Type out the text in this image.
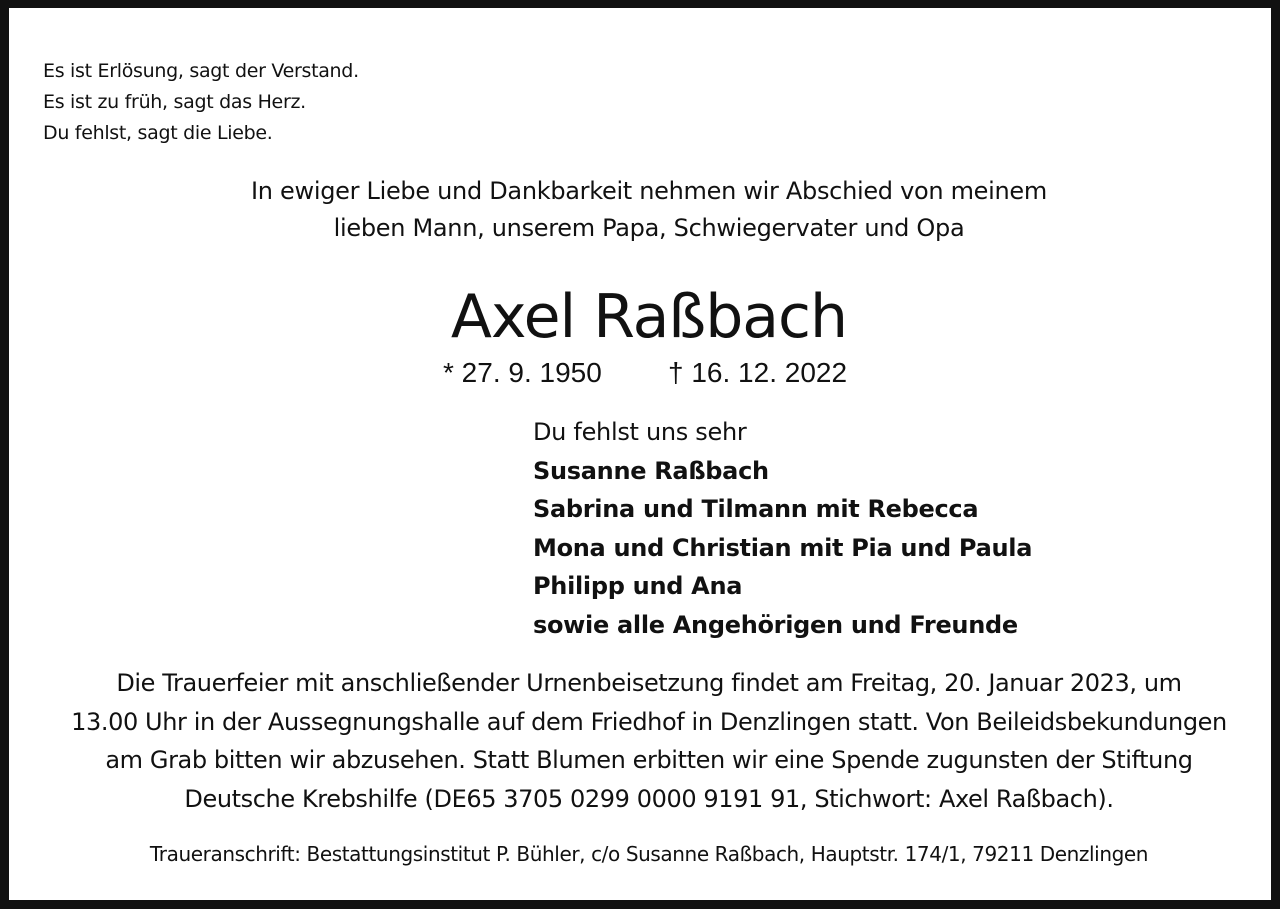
Es ist Erlösung, sagt der Verstand.
Es ist zu früh, sagt das Herz.
Du fehlst, sagt die Liebe.
In ewiger Liebe und Dankbarkeit nehmen wir Abschied von meinem
lieben Mann, unserem Papa, Schwiegervater und Opa
Axel Raßbach
* 27. 9. 1950 † 16. 12. 2022
Du fehlst uns sehr
Susanne Raßbach
Sabrina und Tilmann mit Rebecca
Mona und Christian mit Pia und Paula
Philipp und Ana
sowie alle Angehörigen und Freunde
Die Trauerfeier mit anschließender Urnenbeisetzung findet am Freitag, 20. Januar 2023, um
13.00 Uhr in der Aussegnungshalle auf dem Friedhof in Denzlingen statt. Von Beileidsbekundungen
am Grab bitten wir abzusehen. Statt Blumen erbitten wir eine Spende zugunsten der Stiftung
Deutsche Krebshilfe (DE65 3705 0299 0000 9191 91, Stichwort: Axel Raßbach).
Traueranschrift: Bestattungsinstitut P. Bühler, c/o Susanne Raßbach, Hauptstr. 174/1, 79211 Denzlingen
